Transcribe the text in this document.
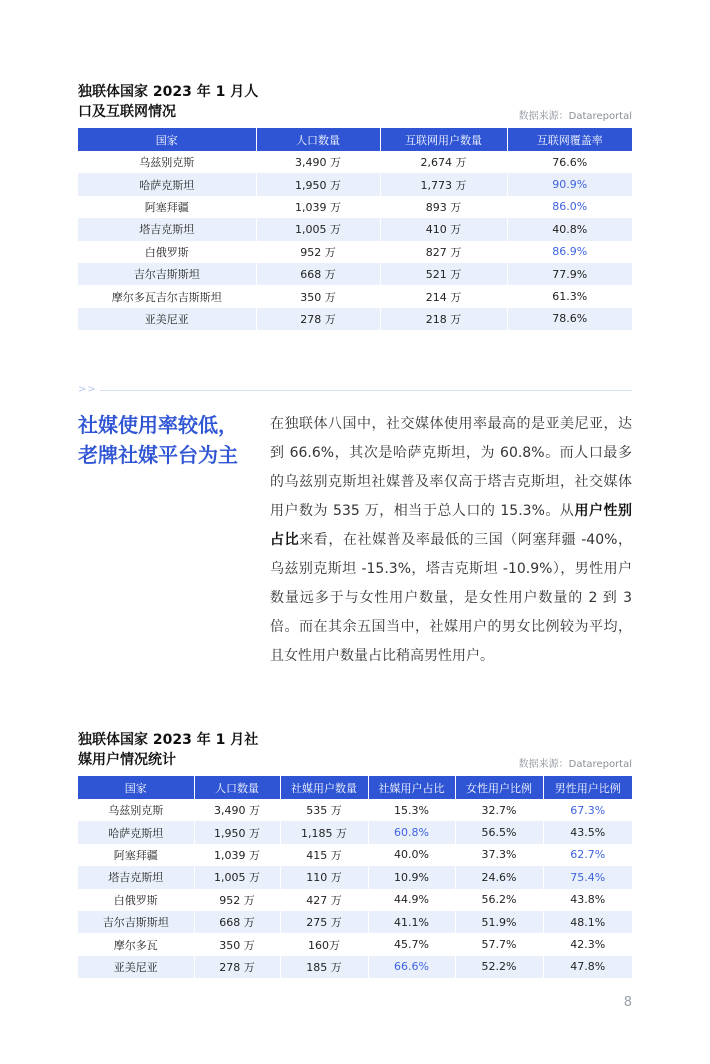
独联体国家 2023 年 1 月人
口及互联网情况	数据来源：Datareportal
国家	人口数量	互联网用户数量	互联网覆盖率
乌兹别克斯	3,490 万	2,674 万	76.6%
哈萨克斯坦	1,950 万	1,773 万	90.9%
阿塞拜疆	1,039 万	893 万	86.0%
塔吉克斯坦	1,005 万	410 万	40.8%
白俄罗斯	952 万	827 万	86.9%
吉尔吉斯斯坦	668 万	521 万	77.9%
摩尔多瓦吉尔吉斯斯坦	350 万	214 万	61.3%
亚美尼亚	278 万	218 万	78.6%
>>
社媒使用率较低，
老牌社媒平台为主
在独联体八国中，社交媒体使用率最高的是亚美尼亚，达到 66.6%，其次是哈萨克斯坦，为 60.8%。而人口最多的乌兹别克斯坦社媒普及率仅高于塔吉克斯坦，社交媒体用户数为 535 万，相当于总人口的 15.3%。从用户性别占比来看，在社媒普及率最低的三国（阿塞拜疆 -40%，乌兹别克斯坦 -15.3%，塔吉克斯坦 -10.9%），男性用户数量远多于与女性用户数量，是女性用户数量的 2 到 3 倍。而在其余五国当中，社媒用户的男女比例较为平均，且女性用户数量占比稍高男性用户。
独联体国家 2023 年 1 月社
媒用户情况统计	数据来源：Datareportal
国家	人口数量	社媒用户数量	社媒用户占比	女性用户比例	男性用户比例
乌兹别克斯	3,490 万	535 万	15.3%	32.7%	67.3%
哈萨克斯坦	1,950 万	1,185 万	60.8%	56.5%	43.5%
阿塞拜疆	1,039 万	415 万	40.0%	37.3%	62.7%
塔吉克斯坦	1,005 万	110 万	10.9%	24.6%	75.4%
白俄罗斯	952 万	427 万	44.9%	56.2%	43.8%
吉尔吉斯斯坦	668 万	275 万	41.1%	51.9%	48.1%
摩尔多瓦	350 万	160万	45.7%	57.7%	42.3%
亚美尼亚	278 万	185 万	66.6%	52.2%	47.8%
8
